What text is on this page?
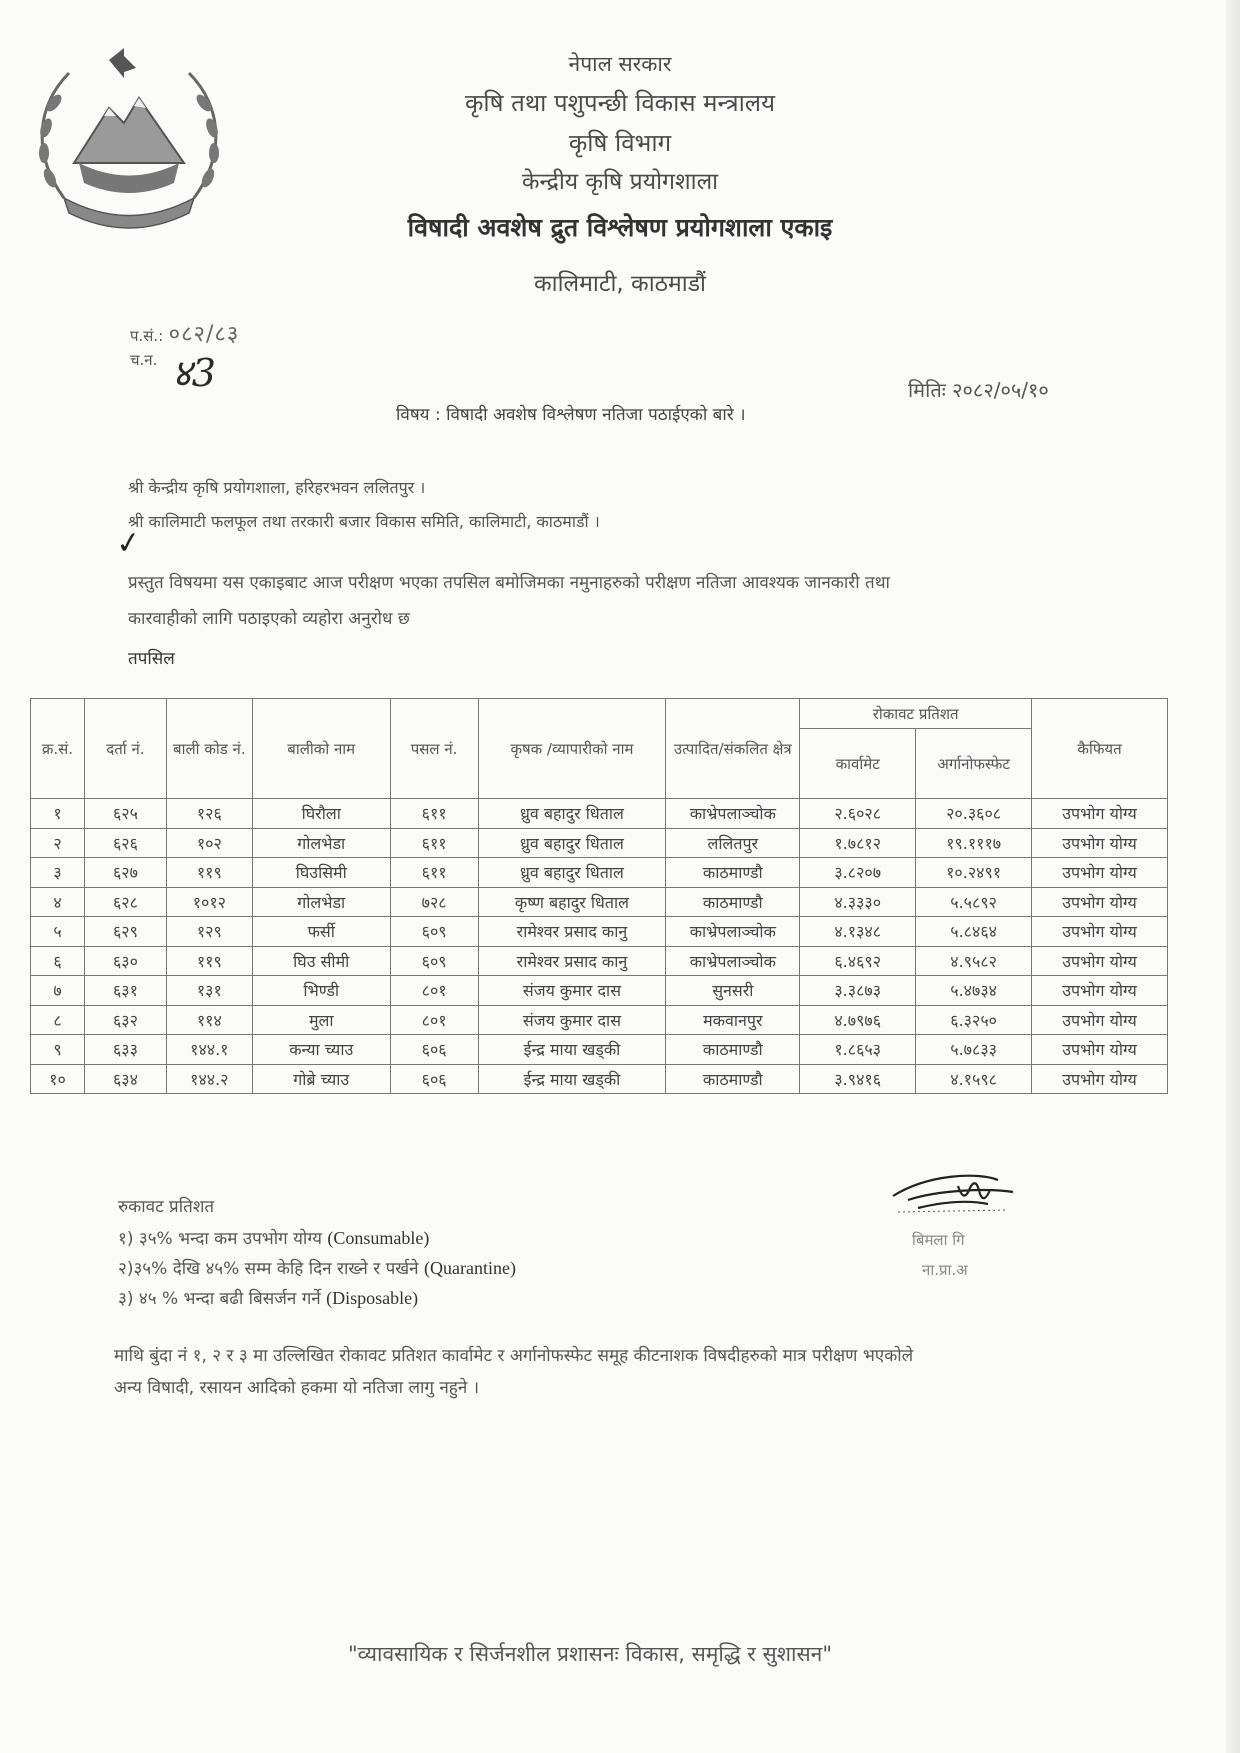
नेपाल सरकार
कृषि तथा पशुपन्छी विकास मन्त्रालय
कृषि विभाग
केन्द्रीय कृषि प्रयोगशाला
विषादी अवशेष द्रुत विश्लेषण प्रयोगशाला एकाइ
कालिमाटी, काठमाडौं
प.सं.: ०८२/८३
च.न. ४3	मितिः २०८२/०५/१०
विषय : विषादी अवशेष विश्लेषण नतिजा पठाईएको बारे ।
श्री केन्द्रीय कृषि प्रयोगशाला, हरिहरभवन ललितपुर ।
श्री कालिमाटी फलफूल तथा तरकारी बजार विकास समिति, कालिमाटी, काठमाडौं ।
✓
प्रस्तुत विषयमा यस एकाइबाट आज परीक्षण भएका तपसिल बमोजिमका नमुनाहरुको परीक्षण नतिजा आवश्यक जानकारी तथा
कारवाहीको लागि पठाइएको व्यहोरा अनुरोध छ
तपसिल
क्र.सं.	दर्ता नं.	बाली कोड नं.	बालीको नाम	पसल नं.	कृषक /व्यापारीको नाम	उत्पादित/संकलित क्षेत्र	रोकावट प्रतिशत		कैफियत
							कार्वामेट	अर्गानोफस्फेट	
१	६२५	१२६	घिरौला	६११	ध्रुव बहादुर धिताल	काभ्रेपलाञ्चोक	२.६०२८	२०.३६०८	उपभोग योग्य
२	६२६	१०२	गोलभेडा	६११	ध्रुव बहादुर धिताल	ललितपुर	१.७८१२	१९.१११७	उपभोग योग्य
३	६२७	११९	घिउसिमी	६११	ध्रुव बहादुर धिताल	काठमाण्डौ	३.८२०७	१०.२४९१	उपभोग योग्य
४	६२८	१०१२	गोलभेडा	७२८	कृष्ण बहादुर धिताल	काठमाण्डौ	४.३३३०	५.५८९२	उपभोग योग्य
५	६२९	१२९	फर्सी	६०९	रामेश्वर प्रसाद कानु	काभ्रेपलाञ्चोक	४.१३४८	५.८४६४	उपभोग योग्य
६	६३०	११९	घिउ सीमी	६०९	रामेश्वर प्रसाद कानु	काभ्रेपलाञ्चोक	६.४६९२	४.९५८२	उपभोग योग्य
७	६३१	१३१	भिण्डी	८०१	संजय कुमार दास	सुनसरी	३.३८७३	५.४७३४	उपभोग योग्य
८	६३२	११४	मुला	८०१	संजय कुमार दास	मकवानपुर	४.७९७६	६.३२५०	उपभोग योग्य
९	६३३	१४४.१	कन्या च्याउ	६०६	ईन्द्र माया खड्की	काठमाण्डौ	१.८६५३	५.७८३३	उपभोग योग्य
१०	६३४	१४४.२	गोब्रे च्याउ	६०६	ईन्द्र माया खड्की	काठमाण्डौ	३.९४१६	४.१५९८	उपभोग योग्य
रुकावट प्रतिशत
१) ३५% भन्दा कम उपभोग योग्य (Consumable)
२)३५% देखि ४५% सम्म केहि दिन राख्ने र पर्खने (Quarantine)
३) ४५ % भन्दा बढी बिसर्जन गर्ने (Disposable)
बिमला गि
ना.प्रा.अ
माथि बुंदा नं १, २ र ३ मा उल्लिखित रोकावट प्रतिशत कार्वामेट र अर्गानोफस्फेट समूह कीटनाशक विषदीहरुको मात्र परीक्षण भएकोले
अन्य विषादी, रसायन आदिको हकमा यो नतिजा लागु नहुने ।
"व्यावसायिक र सिर्जनशील प्रशासनः विकास, समृद्धि र सुशासन"
